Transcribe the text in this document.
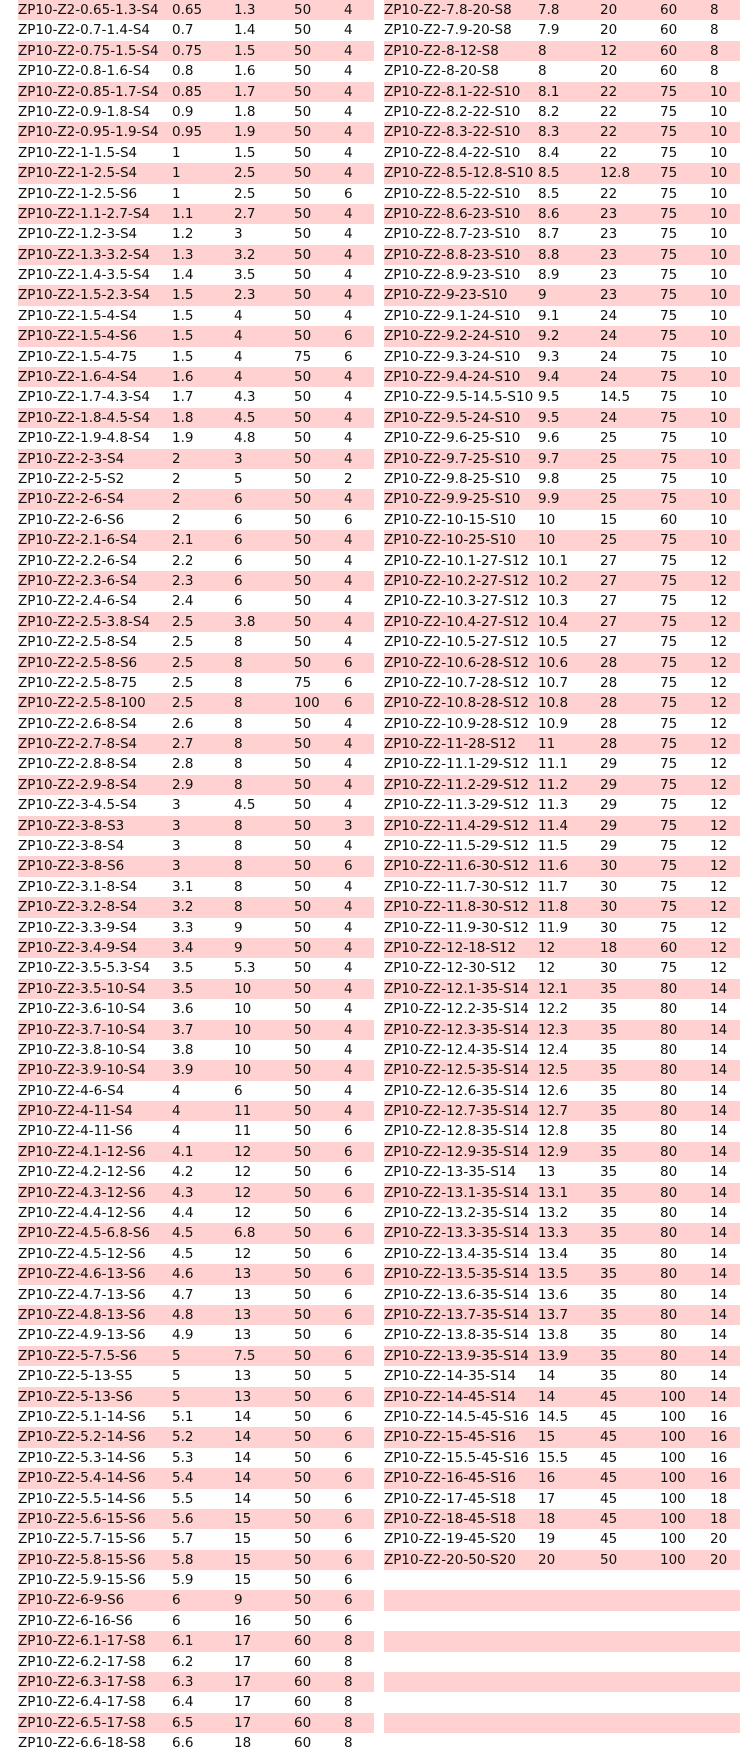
ZP10-Z2-0.65-1.3-S4 0.65	1.3	50	4
ZP10-Z2-0.7-1.4-S4	0.7	1.4	50	4
ZP10-Z2-0.75-1.5-S4 0.75	1.5	50	4
ZP10-Z2-0.8-1.6-S4	0.8	1.6	50	4
ZP10-Z2-0.85-1.7-S4 0.85	1.7	50	4
ZP10-Z2-0.9-1.8-S4	0.9	1.8	50	4
ZP10-Z2-0.95-1.9-S4 0.95	1.9	50	4
ZP10-Z2-1-1.5-S4	1	1.5	50	4
ZP10-Z2-1-2.5-S4	1	2.5	50	4
ZP10-Z2-1-2.5-S6	1	2.5	50	6
ZP10-Z2-1.1-2.7-S4	1.1	2.7	50	4
ZP10-Z2-1.2-3-S4	1.2	3	50	4
ZP10-Z2-1.3-3.2-S4	1.3	3.2	50	4
ZP10-Z2-1.4-3.5-S4	1.4	3.5	50	4
ZP10-Z2-1.5-2.3-S4	1.5	2.3	50	4
ZP10-Z2-1.5-4-S4	1.5	4	50	4
ZP10-Z2-1.5-4-S6	1.5	4	50	6
ZP10-Z2-1.5-4-75	1.5	4	75	6
ZP10-Z2-1.6-4-S4	1.6	4	50	4
ZP10-Z2-1.7-4.3-S4	1.7	4.3	50	4
ZP10-Z2-1.8-4.5-S4	1.8	4.5	50	4
ZP10-Z2-1.9-4.8-S4	1.9	4.8	50	4
ZP10-Z2-2-3-S4	2	3	50	4
ZP10-Z2-2-5-S2	2	5	50	2
ZP10-Z2-2-6-S4	2	6	50	4
ZP10-Z2-2-6-S6	2	6	50	6
ZP10-Z2-2.1-6-S4	2.1	6	50	4
ZP10-Z2-2.2-6-S4	2.2	6	50	4
ZP10-Z2-2.3-6-S4	2.3	6	50	4
ZP10-Z2-2.4-6-S4	2.4	6	50	4
ZP10-Z2-2.5-3.8-S4	2.5	3.8	50	4
ZP10-Z2-2.5-8-S4	2.5	8	50	4
ZP10-Z2-2.5-8-S6	2.5	8	50	6
ZP10-Z2-2.5-8-75	2.5	8	75	6
ZP10-Z2-2.5-8-100	2.5	8	100	6
ZP10-Z2-2.6-8-S4	2.6	8	50	4
ZP10-Z2-2.7-8-S4	2.7	8	50	4
ZP10-Z2-2.8-8-S4	2.8	8	50	4
ZP10-Z2-2.9-8-S4	2.9	8	50	4
ZP10-Z2-3-4.5-S4	3	4.5	50	4
ZP10-Z2-3-8-S3	3	8	50	3
ZP10-Z2-3-8-S4	3	8	50	4
ZP10-Z2-3-8-S6	3	8	50	6
ZP10-Z2-3.1-8-S4	3.1	8	50	4
ZP10-Z2-3.2-8-S4	3.2	8	50	4
ZP10-Z2-3.3-9-S4	3.3	9	50	4
ZP10-Z2-3.4-9-S4	3.4	9	50	4
ZP10-Z2-3.5-5.3-S4	3.5	5.3	50	4
ZP10-Z2-3.5-10-S4	3.5	10	50	4
ZP10-Z2-3.6-10-S4	3.6	10	50	4
ZP10-Z2-3.7-10-S4	3.7	10	50	4
ZP10-Z2-3.8-10-S4	3.8	10	50	4
ZP10-Z2-3.9-10-S4	3.9	10	50	4
ZP10-Z2-4-6-S4	4	6	50	4
ZP10-Z2-4-11-S4	4	11	50	4
ZP10-Z2-4-11-S6	4	11	50	6
ZP10-Z2-4.1-12-S6	4.1	12	50	6
ZP10-Z2-4.2-12-S6	4.2	12	50	6
ZP10-Z2-4.3-12-S6	4.3	12	50	6
ZP10-Z2-4.4-12-S6	4.4	12	50	6
ZP10-Z2-4.5-6.8-S6	4.5	6.8	50	6
ZP10-Z2-4.5-12-S6	4.5	12	50	6
ZP10-Z2-4.6-13-S6	4.6	13	50	6
ZP10-Z2-4.7-13-S6	4.7	13	50	6
ZP10-Z2-4.8-13-S6	4.8	13	50	6
ZP10-Z2-4.9-13-S6	4.9	13	50	6
ZP10-Z2-5-7.5-S6	5	7.5	50	6
ZP10-Z2-5-13-S5	5	13	50	5
ZP10-Z2-5-13-S6	5	13	50	6
ZP10-Z2-5.1-14-S6	5.1	14	50	6
ZP10-Z2-5.2-14-S6	5.2	14	50	6
ZP10-Z2-5.3-14-S6	5.3	14	50	6
ZP10-Z2-5.4-14-S6	5.4	14	50	6
ZP10-Z2-5.5-14-S6	5.5	14	50	6
ZP10-Z2-5.6-15-S6	5.6	15	50	6
ZP10-Z2-5.7-15-S6	5.7	15	50	6
ZP10-Z2-5.8-15-S6	5.8	15	50	6
ZP10-Z2-5.9-15-S6	5.9	15	50	6
ZP10-Z2-6-9-S6	6	9	50	6
ZP10-Z2-6-16-S6	6	16	50	6
ZP10-Z2-6.1-17-S8	6.1	17	60	8
ZP10-Z2-6.2-17-S8	6.2	17	60	8
ZP10-Z2-6.3-17-S8	6.3	17	60	8
ZP10-Z2-6.4-17-S8	6.4	17	60	8
ZP10-Z2-6.5-17-S8	6.5	17	60	8
ZP10-Z2-6.6-18-S8	6.6	18	60	8
ZP10-Z2-7.8-20-S8	7.8	20	60	8
ZP10-Z2-7.9-20-S8	7.9	20	60	8
ZP10-Z2-8-12-S8	8	12	60	8
ZP10-Z2-8-20-S8	8	20	60	8
ZP10-Z2-8.1-22-S10	8.1	22	75	10
ZP10-Z2-8.2-22-S10	8.2	22	75	10
ZP10-Z2-8.3-22-S10	8.3	22	75	10
ZP10-Z2-8.4-22-S10	8.4	22	75	10
ZP10-Z2-8.5-12.8-S10 8.5	12.8	75	10
ZP10-Z2-8.5-22-S10	8.5	22	75	10
ZP10-Z2-8.6-23-S10	8.6	23	75	10
ZP10-Z2-8.7-23-S10	8.7	23	75	10
ZP10-Z2-8.8-23-S10	8.8	23	75	10
ZP10-Z2-8.9-23-S10	8.9	23	75	10
ZP10-Z2-9-23-S10	9	23	75	10
ZP10-Z2-9.1-24-S10	9.1	24	75	10
ZP10-Z2-9.2-24-S10	9.2	24	75	10
ZP10-Z2-9.3-24-S10	9.3	24	75	10
ZP10-Z2-9.4-24-S10	9.4	24	75	10
ZP10-Z2-9.5-14.5-S10 9.5	14.5	75	10
ZP10-Z2-9.5-24-S10	9.5	24	75	10
ZP10-Z2-9.6-25-S10	9.6	25	75	10
ZP10-Z2-9.7-25-S10	9.7	25	75	10
ZP10-Z2-9.8-25-S10	9.8	25	75	10
ZP10-Z2-9.9-25-S10	9.9	25	75	10
ZP10-Z2-10-15-S10	10	15	60	10
ZP10-Z2-10-25-S10	10	25	75	10
ZP10-Z2-10.1-27-S12 10.1	27	75	12
ZP10-Z2-10.2-27-S12 10.2	27	75	12
ZP10-Z2-10.3-27-S12 10.3	27	75	12
ZP10-Z2-10.4-27-S12 10.4	27	75	12
ZP10-Z2-10.5-27-S12 10.5	27	75	12
ZP10-Z2-10.6-28-S12 10.6	28	75	12
ZP10-Z2-10.7-28-S12 10.7	28	75	12
ZP10-Z2-10.8-28-S12 10.8	28	75	12
ZP10-Z2-10.9-28-S12 10.9	28	75	12
ZP10-Z2-11-28-S12	11	28	75	12
ZP10-Z2-11.1-29-S12 11.1	29	75	12
ZP10-Z2-11.2-29-S12 11.2	29	75	12
ZP10-Z2-11.3-29-S12 11.3	29	75	12
ZP10-Z2-11.4-29-S12 11.4	29	75	12
ZP10-Z2-11.5-29-S12 11.5	29	75	12
ZP10-Z2-11.6-30-S12 11.6	30	75	12
ZP10-Z2-11.7-30-S12 11.7	30	75	12
ZP10-Z2-11.8-30-S12 11.8	30	75	12
ZP10-Z2-11.9-30-S12 11.9	30	75	12
ZP10-Z2-12-18-S12	12	18	60	12
ZP10-Z2-12-30-S12	12	30	75	12
ZP10-Z2-12.1-35-S14 12.1	35	80	14
ZP10-Z2-12.2-35-S14 12.2	35	80	14
ZP10-Z2-12.3-35-S14 12.3	35	80	14
ZP10-Z2-12.4-35-S14 12.4	35	80	14
ZP10-Z2-12.5-35-S14 12.5	35	80	14
ZP10-Z2-12.6-35-S14 12.6	35	80	14
ZP10-Z2-12.7-35-S14 12.7	35	80	14
ZP10-Z2-12.8-35-S14 12.8	35	80	14
ZP10-Z2-12.9-35-S14 12.9	35	80	14
ZP10-Z2-13-35-S14	13	35	80	14
ZP10-Z2-13.1-35-S14 13.1	35	80	14
ZP10-Z2-13.2-35-S14 13.2	35	80	14
ZP10-Z2-13.3-35-S14 13.3	35	80	14
ZP10-Z2-13.4-35-S14 13.4	35	80	14
ZP10-Z2-13.5-35-S14 13.5	35	80	14
ZP10-Z2-13.6-35-S14 13.6	35	80	14
ZP10-Z2-13.7-35-S14 13.7	35	80	14
ZP10-Z2-13.8-35-S14 13.8	35	80	14
ZP10-Z2-13.9-35-S14 13.9	35	80	14
ZP10-Z2-14-35-S14	14	35	80	14
ZP10-Z2-14-45-S14	14	45	100	14
ZP10-Z2-14.5-45-S16 14.5	45	100	16
ZP10-Z2-15-45-S16	15	45	100	16
ZP10-Z2-15.5-45-S16 15.5	45	100	16
ZP10-Z2-16-45-S16	16	45	100	16
ZP10-Z2-17-45-S18	17	45	100	18
ZP10-Z2-18-45-S18	18	45	100	18
ZP10-Z2-19-45-S20	19	45	100	20
ZP10-Z2-20-50-S20	20	50	100	20
